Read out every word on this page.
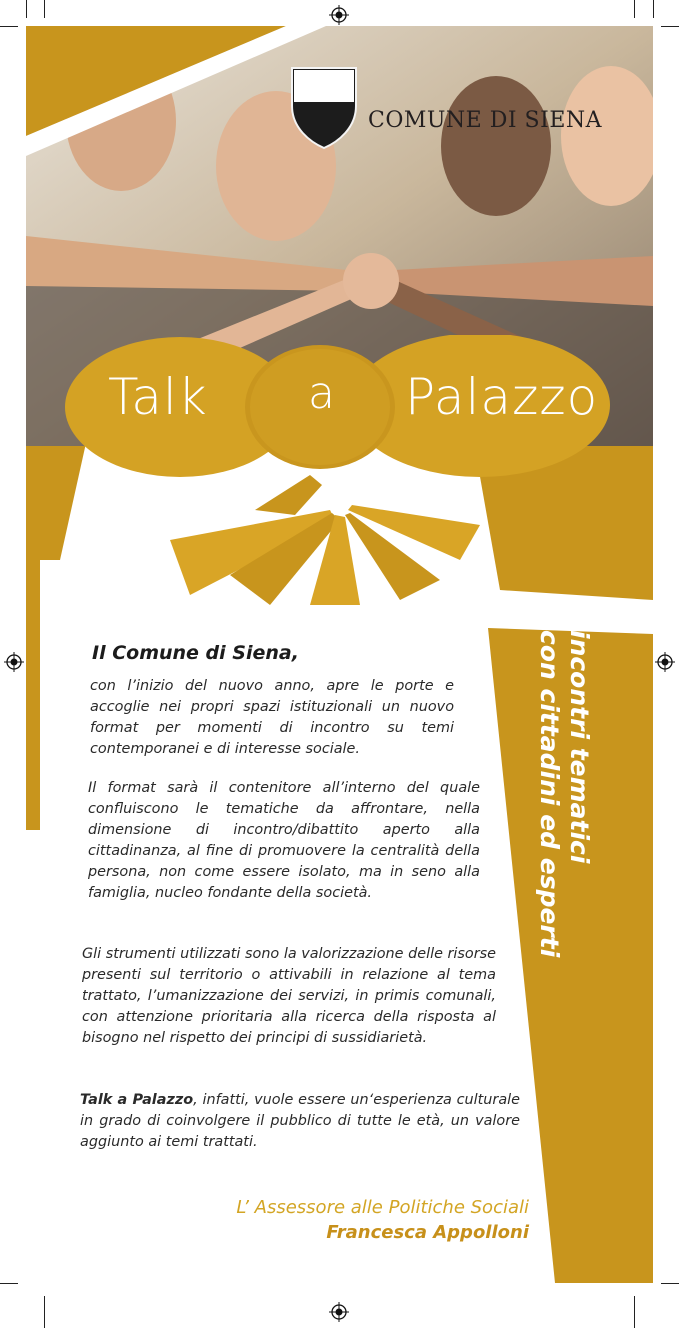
COMUNE DI SIENA
Talk a Palazzo
Il Comune di Siena,
con l’inizio del nuovo anno, apre le porte e accoglie nei propri spazi istituzionali un nuovo format per momenti di incontro su temi contemporanei e di interesse sociale.
Il format sarà il contenitore all’interno del quale confluiscono le tematiche da affrontare, nella dimensione di incontro/dibattito aperto alla cittadinanza, al fine di promuovere la centralità della persona, non come essere isolato, ma in seno alla famiglia, nucleo fondante della società.
Gli strumenti utilizzati sono la valorizzazione delle risorse presenti sul territorio o attivabili in relazione al tema trattato, l’umanizzazione dei servizi, in primis comunali, con attenzione prioritaria alla ricerca della risposta al bisogno nel rispetto dei principi di sussidiarietà.
Talk a Palazzo, infatti, vuole essere un‘esperienza culturale in grado di coinvolgere il pubblico di tutte le età, un valore aggiunto ai temi trattati.
incontri tematici
con cittadini ed esperti
L’ Assessore alle Politiche Sociali
Francesca Appolloni
